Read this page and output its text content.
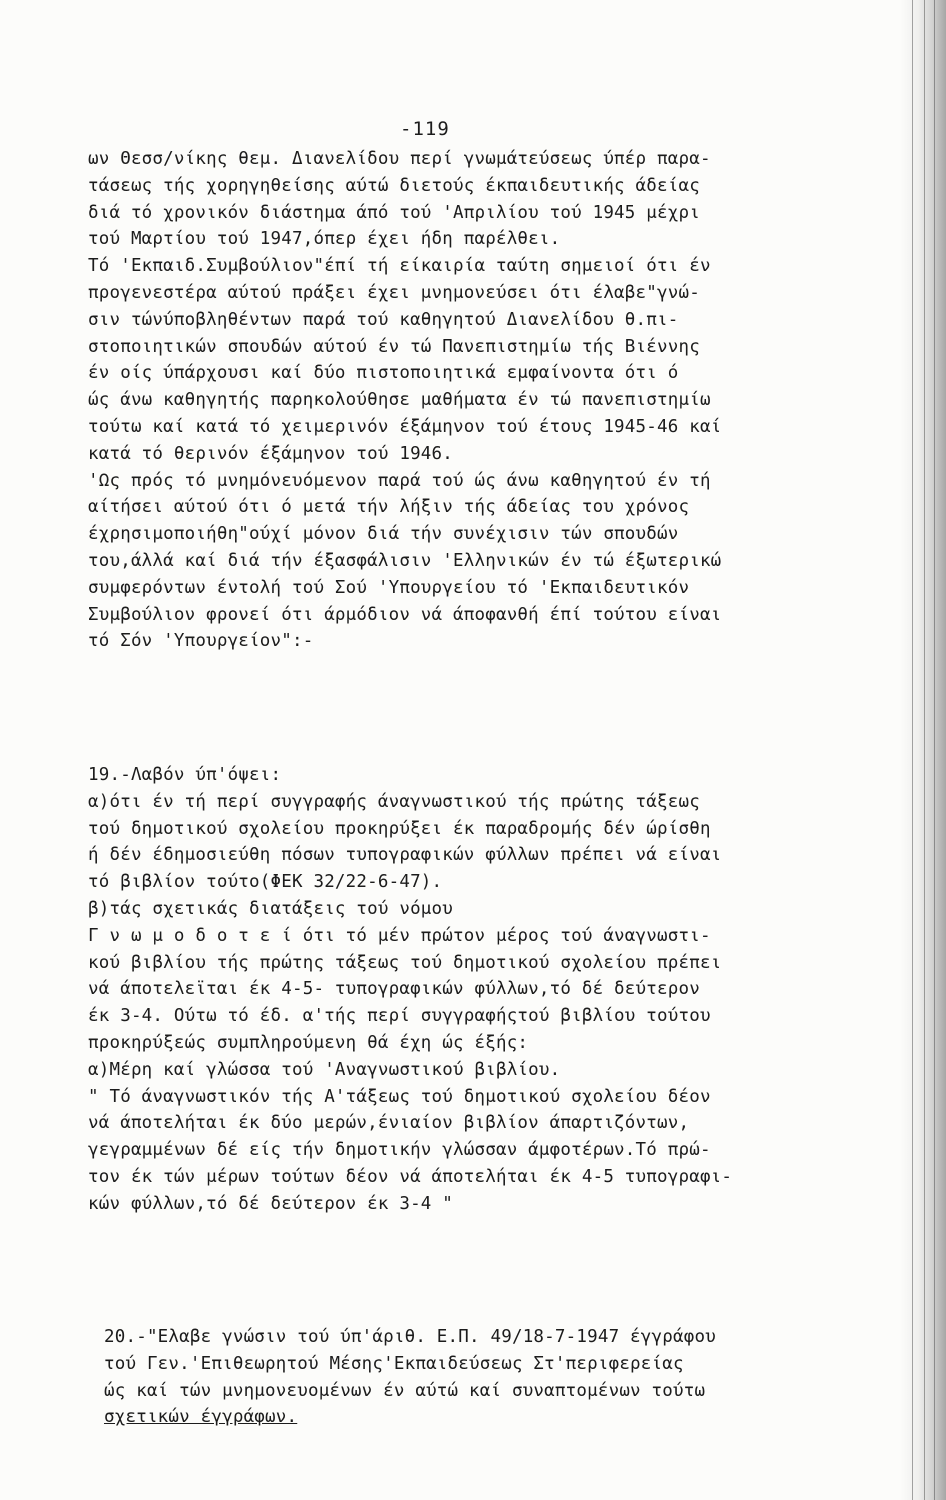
-119
ων Θεσσ/νίκης θεμ. Διανελίδου περί γνωμάτεύσεως ύπέρ παρα-
τάσεως τής χορηγηθείσης αύτώ διετούς έκπαιδευτικής άδείας
διά τό χρονικόν διάστημα άπό τού 'Απριλίου τού 1945 μέχρι
τού Μαρτίου τού 1947,όπερ έχει ήδη παρέλθει.
Τό 'Εκπαιδ.Συμβούλιον"έπί τή είκαιρία ταύτη σημειοί ότι έν
προγενεστέρα αύτού πράξει έχει μνημονεύσει ότι έλαβε"γνώ-
σιν τώνύποβληθέντων παρά τού καθηγητού Διανελίδου θ.πι-
στοποιητικών σπουδών αύτού έν τώ Πανεπιστημίω τής Βιέννης
έν οίς ύπάρχουσι καί δύο πιστοποιητικά εμφαίνοντα ότι ό
ώς άνω καθηγητής παρηκολούθησε μαθήματα έν τώ πανεπιστημίω
τούτω καί κατά τό χειμερινόν έξάμηνον τού έτους 1945-46 καί
κατά τό θερινόν έξάμηνον τού 1946.
'Ως πρός τό μνημόνευόμενον παρά τού ώς άνω καθηγητού έν τή
αίτήσει αύτού ότι ό μετά τήν λήξιν τής άδείας του χρόνος
έχρησιμοποιήθη"ούχί μόνον διά τήν συνέχισιν τών σπουδών
του,άλλά καί διά τήν έξασφάλισιν 'Ελληνικών έν τώ έξωτερικώ
συμφερόντων έντολή τού Σού 'Υπουργείου τό 'Εκπαιδευτικόν
Συμβούλιον φρονεί ότι άρμόδιον νά άποφανθή έπί τούτου είναι
τό Σόν 'Υπουργείον":-
19.-Λαβόν ύπ'όψει:
α)ότι έν τή περί συγγραφής άναγνωστικού τής πρώτης τάξεως
τού δημοτικού σχολείου προκηρύξει έκ παραδρομής δέν ώρίσθη
ή δέν έδημοσιεύθη πόσων τυπογραφικών φύλλων πρέπει νά είναι
τό βιβλίον τούτο(ΦΕΚ 32/22-6-47).
β)τάς σχετικάς διατάξεις τού νόμου
Γ ν ω μ ο δ ο τ ε ί ότι τό μέν πρώτον μέρος τού άναγνωστι-
κού βιβλίου τής πρώτης τάξεως τού δημοτικού σχολείου πρέπει
νά άποτελεϊται έκ 4-5- τυπογραφικών φύλλων,τό δέ δεύτερον
έκ 3-4. Ούτω τό έδ. α'τής περί συγγραφήςτού βιβλίου τούτου
προκηρύξεώς συμπληρούμενη θά έχη ώς έξής:
α)Μέρη καί γλώσσα τού 'Αναγνωστικού βιβλίου.
" Τό άναγνωστικόν τής Α'τάξεως τού δημοτικού σχολείου δέον
νά άποτελήται έκ δύο μερών,ένιαίον βιβλίον άπαρτιζόντων,
γεγραμμένων δέ είς τήν δημοτικήν γλώσσαν άμφοτέρων.Τό πρώ-
τον έκ τών μέρων τούτων δέον νά άποτελήται έκ 4-5 τυπογραφι-
κών φύλλων,τό δέ δεύτερον έκ 3-4 "
20.-"Ελαβε γνώσιν τού ύπ'άριθ. Ε.Π. 49/18-7-1947 έγγράφου
τού Γεν.'Επιθεωρητού Μέσης'Εκπαιδεύσεως Στ'περιφερείας
ώς καί τών μνημονευομένων έν αύτώ καί συναπτομένων τούτω
σχετικών έγγράφων.
